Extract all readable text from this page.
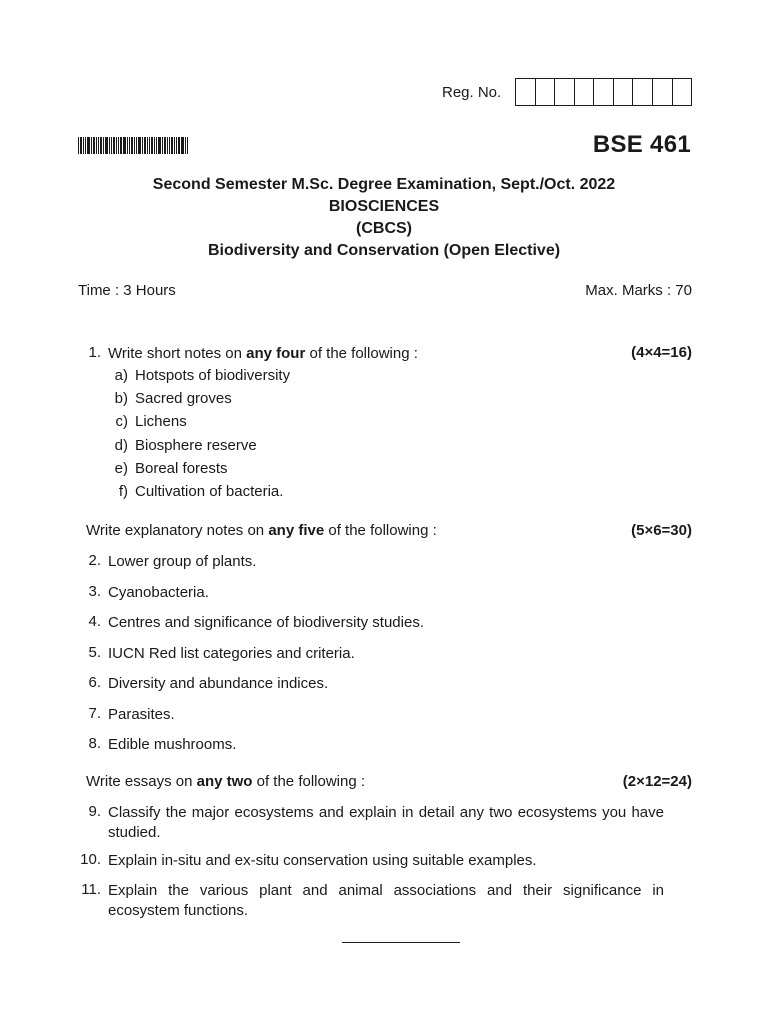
Reg. No.
BSE 461
Second Semester M.Sc. Degree Examination, Sept./Oct. 2022
BIOSCIENCES
(CBCS)
Biodiversity and Conservation (Open Elective)
Time : 3 Hours	Max. Marks : 70
1. Write short notes on any four of the following :	(4×4=16)
a) Hotspots of biodiversity
b) Sacred groves
c) Lichens
d) Biosphere reserve
e) Boreal forests
f) Cultivation of bacteria.
Write explanatory notes on any five of the following :	(5×6=30)
2. Lower group of plants.
3. Cyanobacteria.
4. Centres and significance of biodiversity studies.
5. IUCN Red list categories and criteria.
6. Diversity and abundance indices.
7. Parasites.
8. Edible mushrooms.
Write essays on any two of the following :	(2×12=24)
9. Classify the major ecosystems and explain in detail any two ecosystems you have studied.
10. Explain in-situ and ex-situ conservation using suitable examples.
11. Explain the various plant and animal associations and their significance in ecosystem functions.
